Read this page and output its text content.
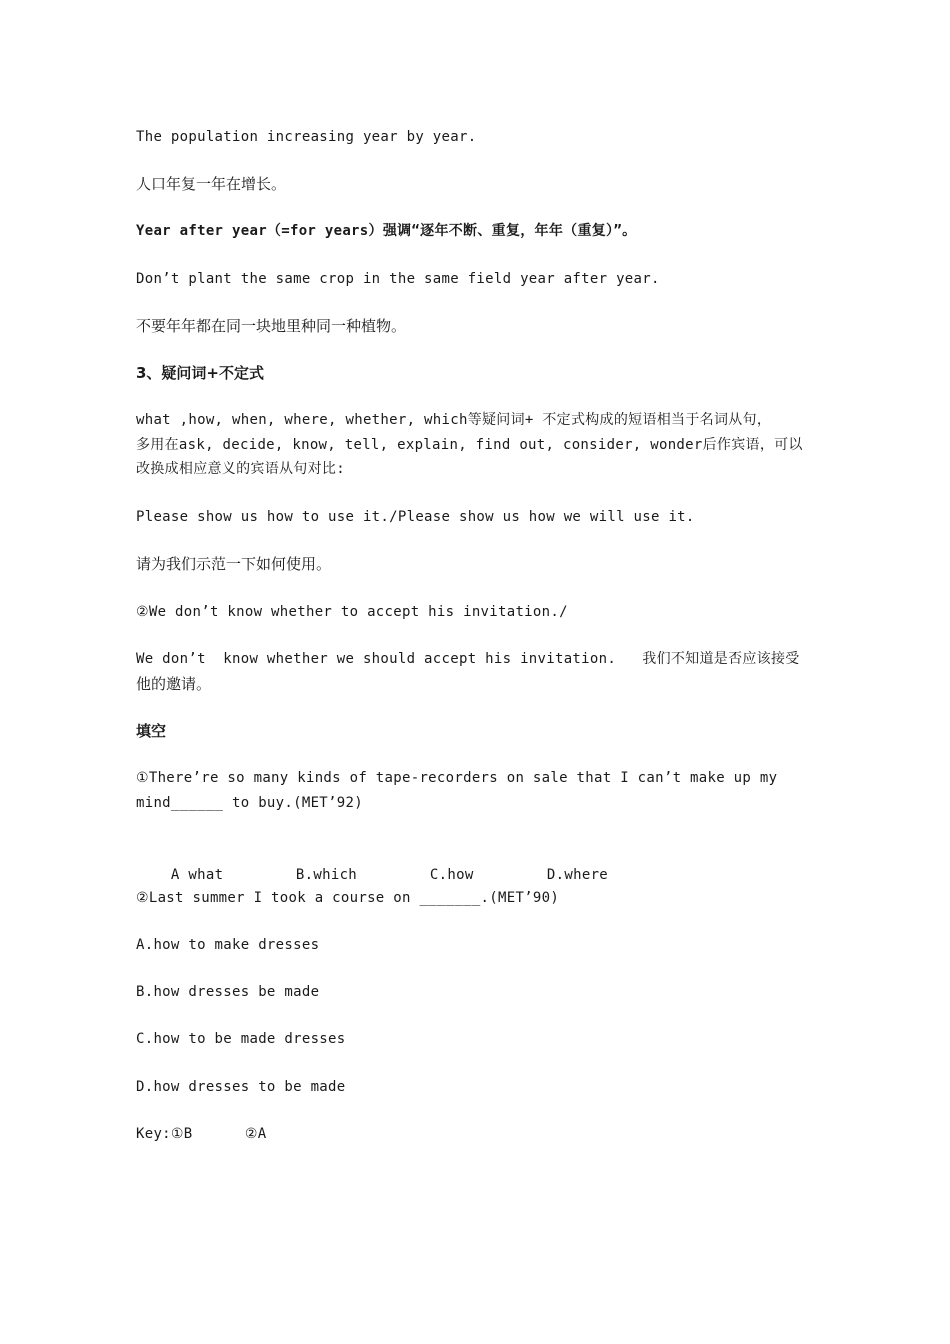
The population increasing year by year.
人口年复一年在增长。
Year after year（=for years）强调“逐年不断、重复，年年（重复）”。
Don’t plant the same crop in the same field year after year.
不要年年都在同一块地里种同一种植物。
3、疑问词+不定式
what ,how, when, where, whether, which等疑问词+ 不定式构成的短语相当于名词从句，
多用在ask, decide, know, tell, explain, find out, consider, wonder后作宾语，可以
改换成相应意义的宾语从句对比:
Please show us how to use it./Please show us how we will use it.
请为我们示范一下如何使用。
②We don’t know whether to accept his invitation./
We don’t  know whether we should accept his invitation.   我们不知道是否应该接受
他的邀请。
填空
①There’re so many kinds of tape-recorders on sale that I can’t make up my
mind______ to buy.(MET’92)

A what	B.which	C.how	D.where

②Last summer I took a course on _______.(MET’90)
A.how to make dresses
B.how dresses be made
C.how to be made dresses
D.how dresses to be made
Key:①B      ②A
